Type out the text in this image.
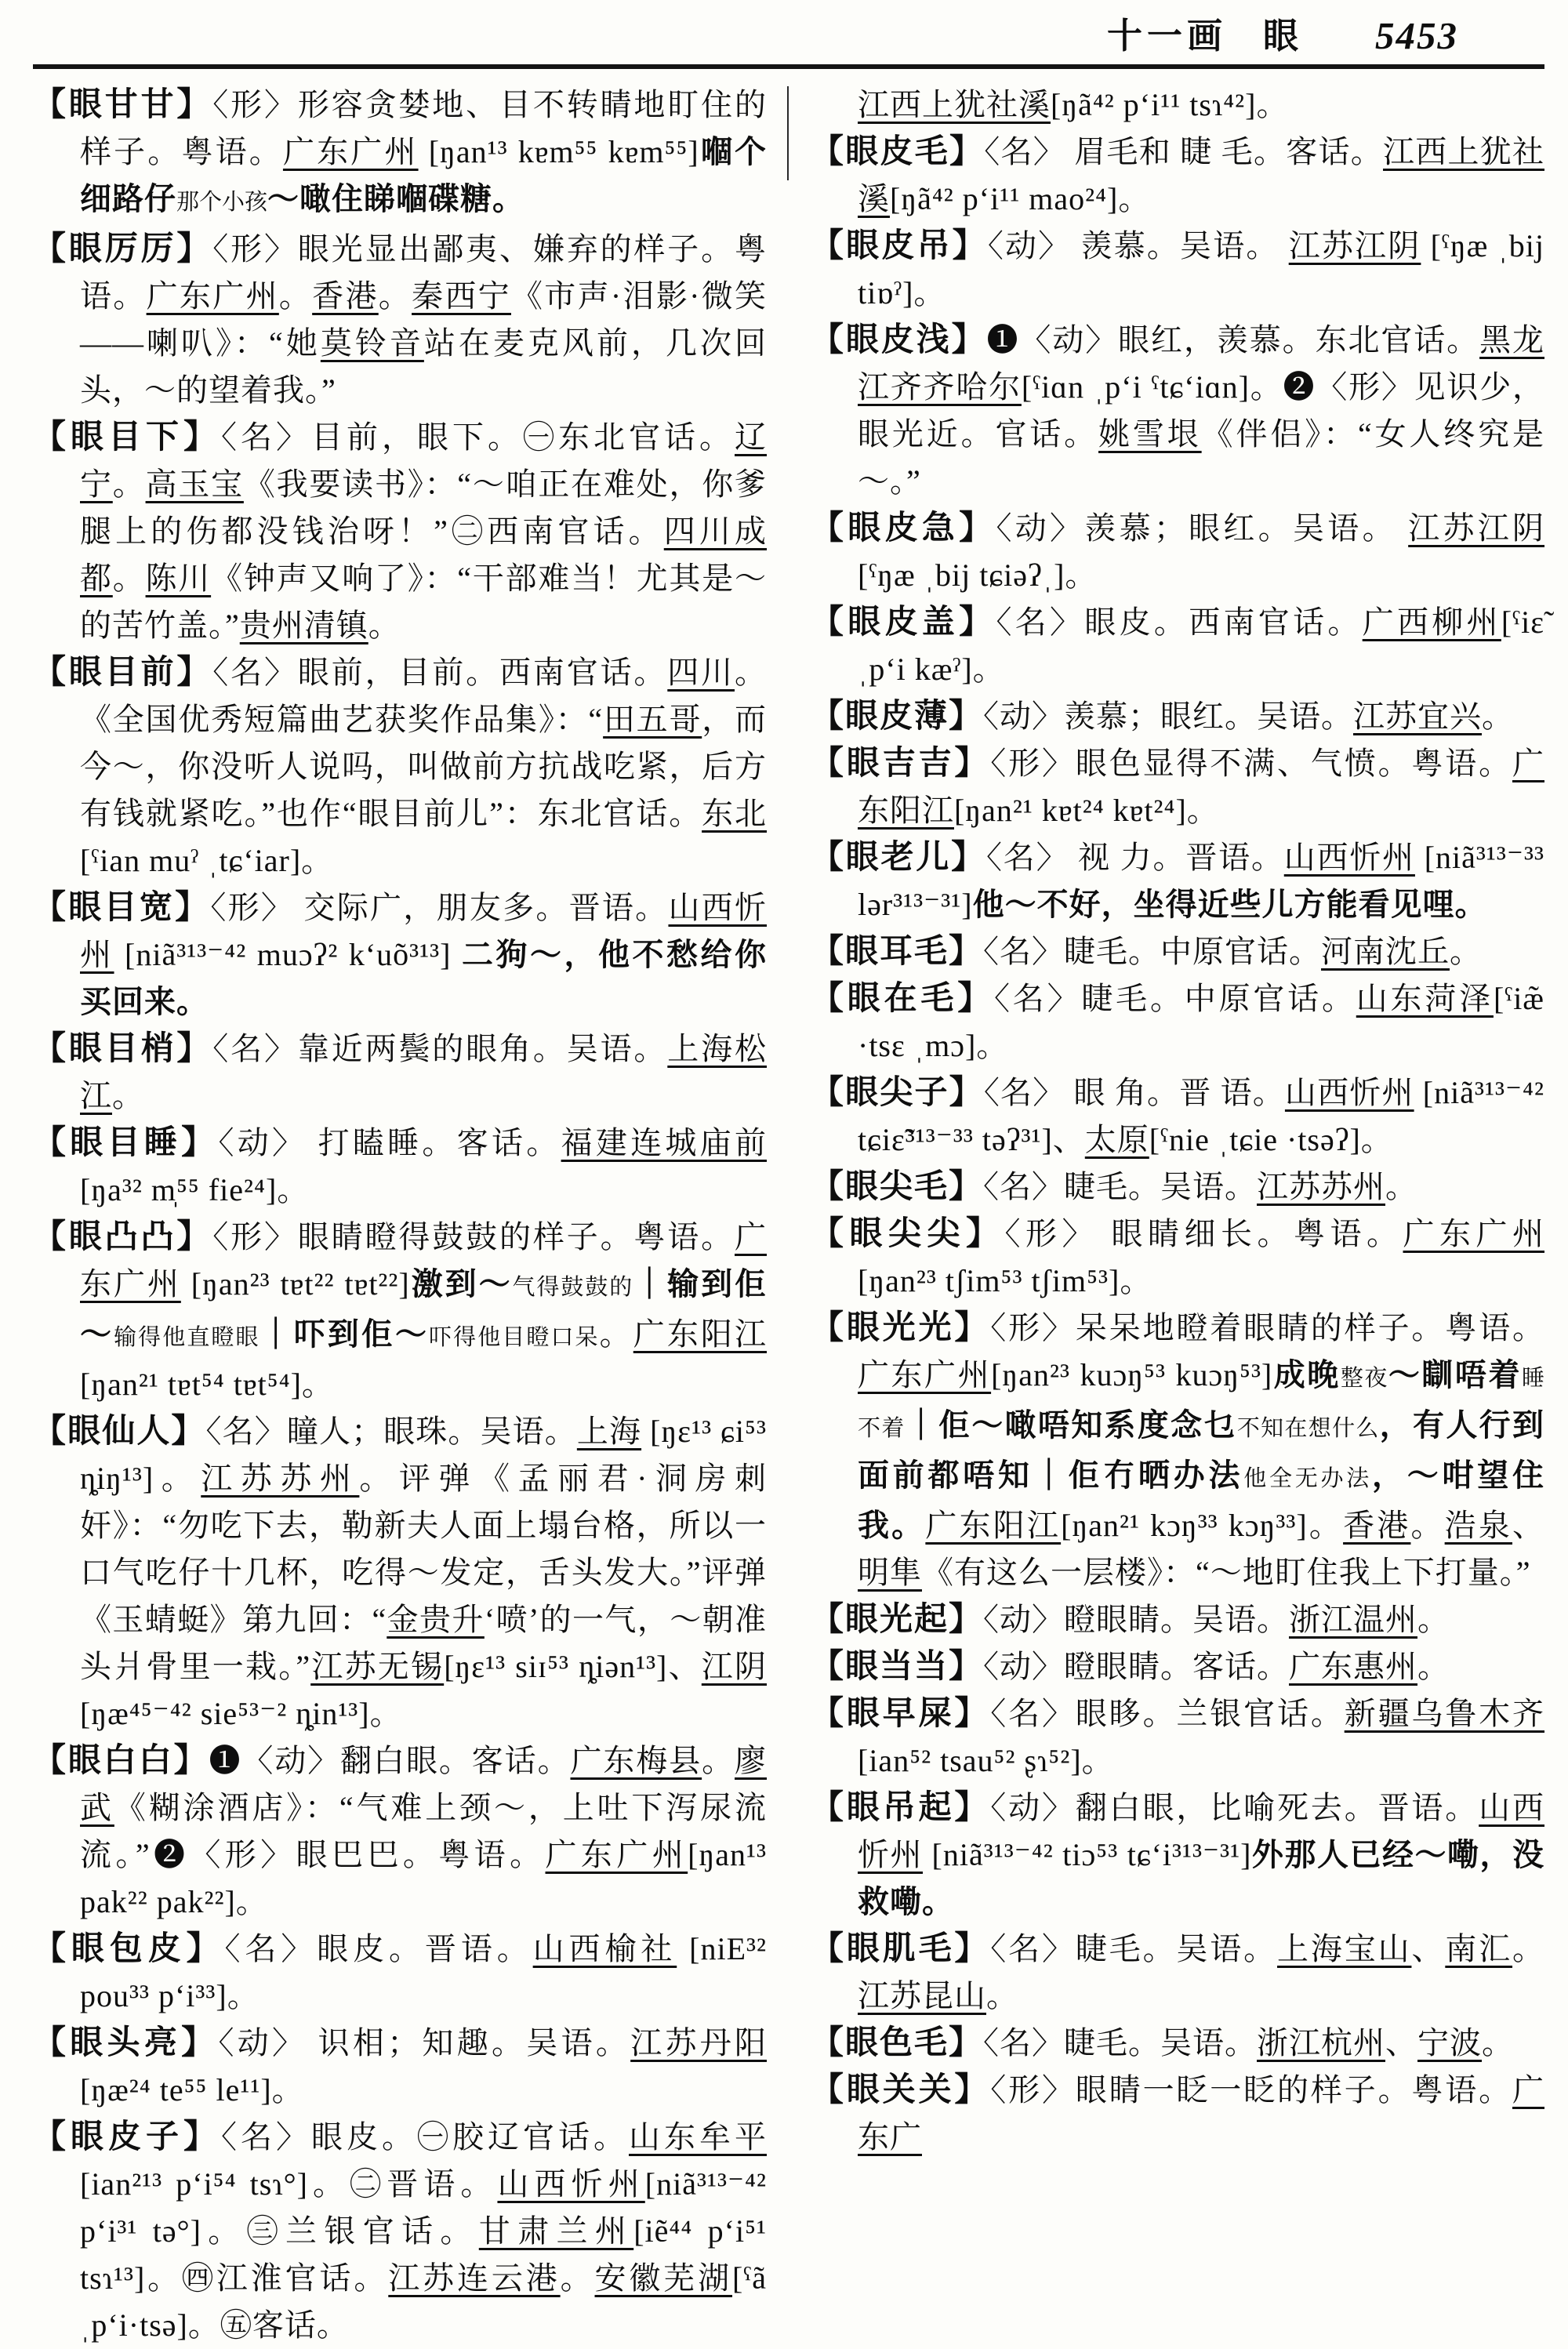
十一画 眼 5453

【眼甘甘】〈形〉形容贪婪地、目不转睛地盯住的样子。粤语。广东广州 [ŋan¹³ kɐm⁵⁵ kɐm⁵⁵]嗰个细路仔那个小孩～噉住睇嗰碟糖。

【眼厉厉】〈形〉眼光显出鄙夷、嫌弃的样子。粤语。广东广州。香港。秦西宁《市声·泪影·微笑——喇叭》：“她莫铃音站在麦克风前，几次回头，～的望着我。”

【眼目下】〈名〉目前，眼下。㊀东北官话。辽宁。高玉宝《我要读书》：“～咱正在难处，你爹腿上的伤都没钱治呀！”㊁西南官话。四川成都。陈川《钟声又响了》：“干部难当！尤其是～的苦竹盖。”贵州清镇。

【眼目前】〈名〉眼前，目前。西南官话。四川。《全国优秀短篇曲艺获奖作品集》：“田五哥，而今～，你没听人说吗，叫做前方抗战吃紧，后方有钱就紧吃。”也作“眼目前儿”：东北官话。东北 [ˁian muˀ ˌtɕʻiar]。

【眼目宽】〈形〉 交际广，朋友多。晋语。山西忻州 [niã³¹³⁻⁴² muɔʔ² kʻuõ³¹³] 二狗～，他不愁给你买回来。

【眼目梢】〈名〉靠近两鬓的眼角。吴语。上海松江。

【眼目睡】〈动〉 打瞌睡。客话。福建连城庙前 [ŋa³² m̩⁵⁵ fie²⁴]。

【眼凸凸】〈形〉眼睛瞪得鼓鼓的样子。粤语。广东广州 [ŋan²³ tɐt²² tɐt²²]激到～气得鼓鼓的｜输到佢～输得他直瞪眼｜吓到佢～吓得他目瞪口呆。广东阳江[ŋan²¹ tɐt⁵⁴ tɐt⁵⁴]。

【眼仙人】〈名〉瞳人；眼珠。吴语。上海 [ŋɛ¹³ ɕi⁵³ ȵiŋ¹³]。江苏苏州。评弹《孟丽君·洞房刺奸》：“勿吃下去，勒新夫人面上塌台格，所以一口气吃仔十几杯，吃得～发定，舌头发大。”评弹《玉蜻蜓》第九回：“金贵升‘喷’的一气，～朝准头爿骨里一栽。”江苏无锡[ŋɛ¹³ siɪ⁵³ ȵiən¹³]、江阴[ŋæ⁴⁵⁻⁴² sie⁵³⁻² ȵin¹³]。

【眼白白】❶〈动〉翻白眼。客话。广东梅县。廖武《糊涂酒店》：“气难上颈～，上吐下泻尿流流。”❷〈形〉眼巴巴。粤语。广东广州[ŋan¹³ pak²² pak²²]。

【眼包皮】〈名〉眼皮。晋语。山西榆社 [niE³² pou³³ pʻi³³]。

【眼头亮】〈动〉 识相；知趣。吴语。江苏丹阳 [ŋæ²⁴ te⁵⁵ le¹¹]。

【眼皮子】〈名〉眼皮。㊀胶辽官话。山东牟平[ian²¹³ pʻi⁵⁴ tsɿ°]。㊁晋语。山西忻州[niã³¹³⁻⁴² pʻi³¹ tə°]。㊂兰银官话。甘肃兰州[iẽ⁴⁴ pʻi⁵¹ tsɿ¹³]。㊃江淮官话。江苏连云港。安徽芜湖[ˁã ˌpʻi·tsə]。㊄客话。

江西上犹社溪[ŋã⁴² pʻi¹¹ tsɿ⁴²]。

【眼皮毛】〈名〉 眉毛和 睫 毛。客话。江西上犹社溪[ŋã⁴² pʻi¹¹ mao²⁴]。

【眼皮吊】〈动〉 羡慕。吴语。 江苏江阴 [ˁŋæ ˌbij tiɒˀ]。

【眼皮浅】❶〈动〉眼红，羡慕。东北官话。黑龙江齐齐哈尔[ˁiɑn ˌpʻi ˁtɕʻiɑn]。❷〈形〉见识少，眼光近。官话。姚雪垠《伴侣》：“女人终究是～。”

【眼皮急】〈动〉羡慕；眼红。吴语。 江苏江阴 [ˁŋæ ˌbij tɕiəʔˌ]。

【眼皮盖】〈名〉眼皮。西南官话。广西柳州[ˁiɛ̃ ˌpʻi kæˀ]。

【眼皮薄】〈动〉羡慕；眼红。吴语。江苏宜兴。

【眼吉吉】〈形〉眼色显得不满、气愤。粤语。广东阳江[ŋan²¹ kɐt²⁴ kɐt²⁴]。

【眼老儿】〈名〉 视 力。晋语。山西忻州 [niã³¹³⁻³³ lər³¹³⁻³¹]他～不好，坐得近些儿方能看见哩。

【眼耳毛】〈名〉睫毛。中原官话。河南沈丘。

【眼在毛】〈名〉睫毛。中原官话。山东菏泽[ˁiæ̃ ·tsɛ ˌmɔ]。

【眼尖子】〈名〉 眼 角。晋 语。山西忻州 [niã³¹³⁻⁴² tɕiɛ̃³¹³⁻³³ təʔ³¹]、太原[ˁnie ˌtɕie ·tsəʔ]。

【眼尖毛】〈名〉睫毛。吴语。江苏苏州。

【眼尖尖】〈形〉 眼睛细长。粤语。广东广州 [ŋan²³ tʃim⁵³ tʃim⁵³]。

【眼光光】〈形〉呆呆地瞪着眼睛的样子。粤语。 广东广州[ŋan²³ kuɔŋ⁵³ kuɔŋ⁵³]成晚整夜～瞓唔着睡不着｜佢～噉唔知系度念乜不知在想什么，有人行到面前都唔知｜佢冇晒办法他全无办法，～咁望住我。广东阳江[ŋan²¹ kɔŋ³³ kɔŋ³³]。香港。浩泉、明隼《有这么一层楼》：“～地盯住我上下打量。”

【眼光起】〈动〉瞪眼睛。吴语。浙江温州。

【眼当当】〈动〉瞪眼睛。客话。广东惠州。

【眼早屎】〈名〉眼眵。兰银官话。新疆乌鲁木齐[ian⁵² tsau⁵² ʂɿ⁵²]。

【眼吊起】〈动〉翻白眼，比喻死去。晋语。山西忻州 [niã³¹³⁻⁴² tiɔ⁵³ tɕʻi³¹³⁻³¹]外那人已经～嘞，没救嘞。

【眼肌毛】〈名〉睫毛。吴语。上海宝山、南汇。 江苏昆山。

【眼色毛】〈名〉睫毛。吴语。浙江杭州、宁波。

【眼关关】〈形〉眼睛一眨一眨的样子。粤语。广东广
